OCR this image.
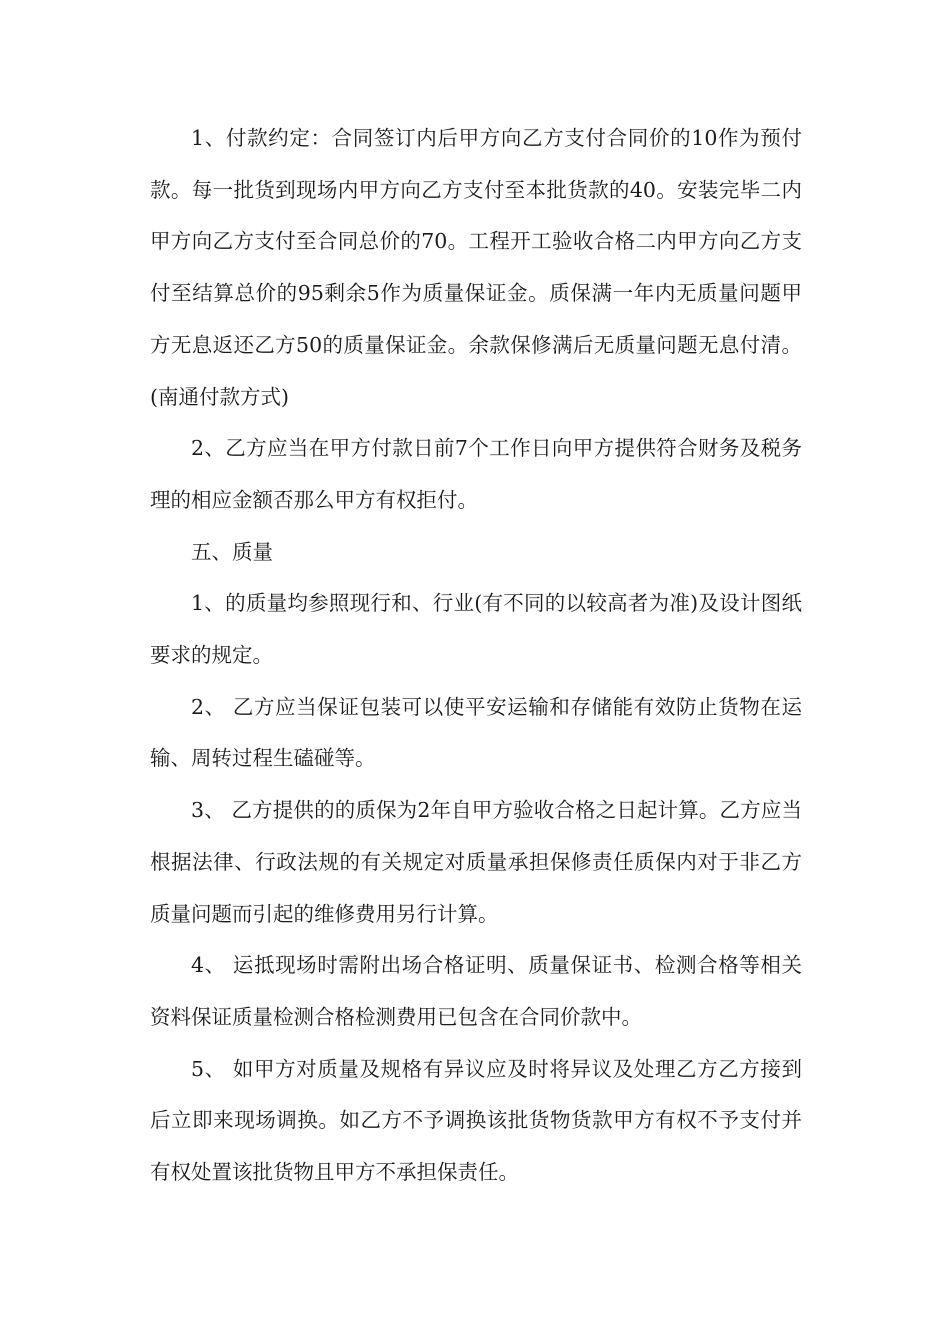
1、付款约定：合同签订内后甲方向乙方支付合同价的10作为预付款。每一批货到现场内甲方向乙方支付至本批货款的40。安装完毕二内甲方向乙方支付至合同总价的70。工程开工验收合格二内甲方向乙方支付至结算总价的95剩余5作为质量保证金。质保满一年内无质量问题甲方无息返还乙方50的质量保证金。余款保修满后无质量问题无息付清。(南通付款方式)

2、乙方应当在甲方付款日前7个工作日向甲方提供符合财务及税务理的相应金额否那么甲方有权拒付。

五、质量

1、的质量均参照现行和、行业(有不同的以较高者为准)及设计图纸要求的规定。

2、 乙方应当保证包装可以使平安运输和存储能有效防止货物在运输、周转过程生磕碰等。

3、 乙方提供的的质保为2年自甲方验收合格之日起计算。乙方应当根据法律、行政法规的有关规定对质量承担保修责任质保内对于非乙方质量问题而引起的维修费用另行计算。

4、 运抵现场时需附出场合格证明、质量保证书、检测合格等相关资料保证质量检测合格检测费用已包含在合同价款中。

5、 如甲方对质量及规格有异议应及时将异议及处理乙方乙方接到后立即来现场调换。如乙方不予调换该批货物货款甲方有权不予支付并有权处置该批货物且甲方不承担保责任。
